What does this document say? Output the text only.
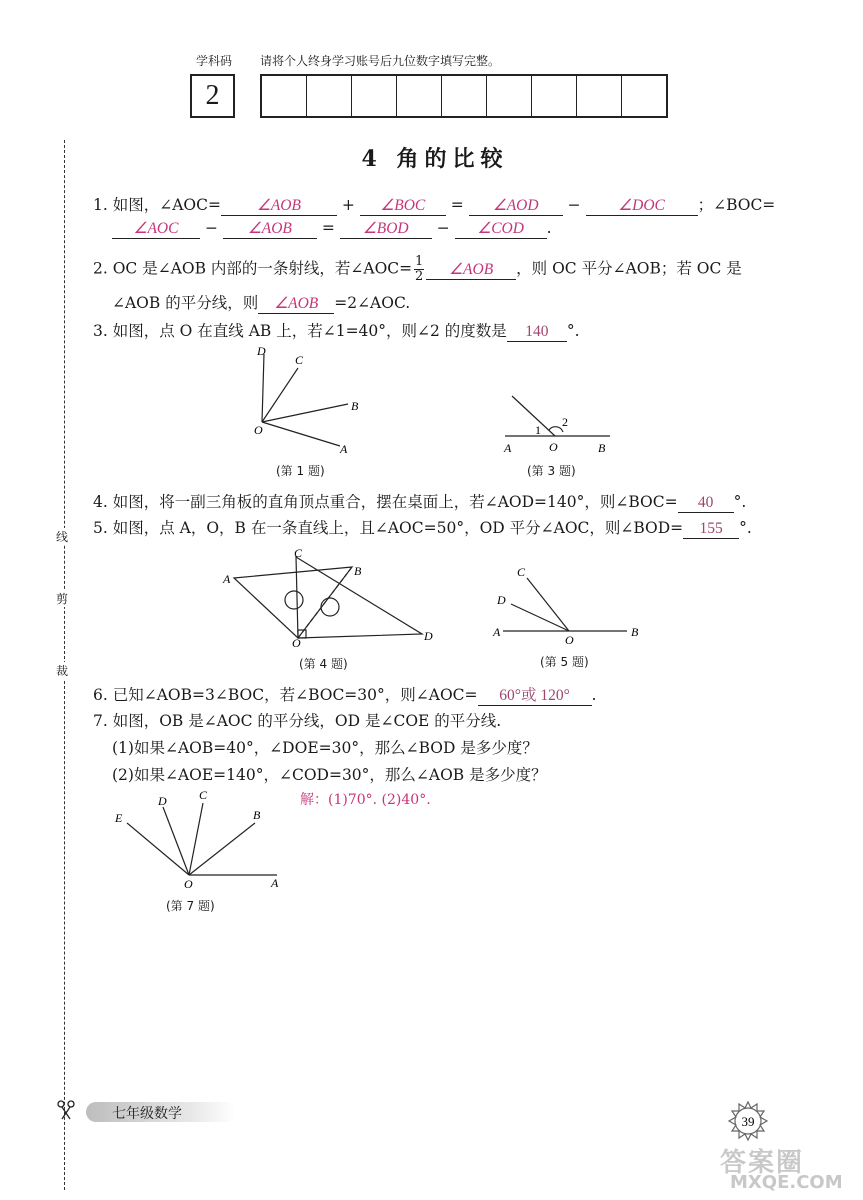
学科码 请将个人终身学习账号后九位数字填写完整。
2
4 角的比较
1. 如图，∠AOC= ∠AOB	+ ∠BOC = ∠AOD − ∠DOC ；∠BOC=
∠AOC − ∠AOB = ∠BOD − ∠COD .
2. OC 是∠AOB 内部的一条射线，若∠AOC= $\frac{1}{2}$ ∠AOB ，则 OC 平分∠AOB；若 OC 是
∠AOB 的平分线，则 ∠AOB =2∠AOC.
3. 如图，点 O 在直线 AB 上，若∠1=40°，则∠2 的度数是 140 °.
D
C
B
A
O
(第 1 题)
A	O	B
1
2
(第 3 题)
4. 如图，将一副三角板的直角顶点重合，摆在桌面上，若∠AOD=140°，则∠BOC= 40 °.
5. 如图，点 A，O，B 在一条直线上，且∠AOC=50°，OD 平分∠AOC，则∠BOD= 155 °.
A
C
B
D
O
(第 4 题)
A
O
B
C
D
(第 5 题)
6. 已知∠AOB=3∠BOC，若∠BOC=30°，则∠AOC= 60°或 120° .
7. 如图，OB 是∠AOC 的平分线，OD 是∠COE 的平分线.
(1)如果∠AOB=40°，∠DOE=30°，那么∠BOD 是多少度？
(2)如果∠AOE=140°，∠COD=30°，那么∠AOB 是多少度？
解：(1)70°. (2)40°.
A
B
C
D
E
O
(第 7 题)
线
剪
裁
七年级数学	39
答案圈
MXQE.COM
